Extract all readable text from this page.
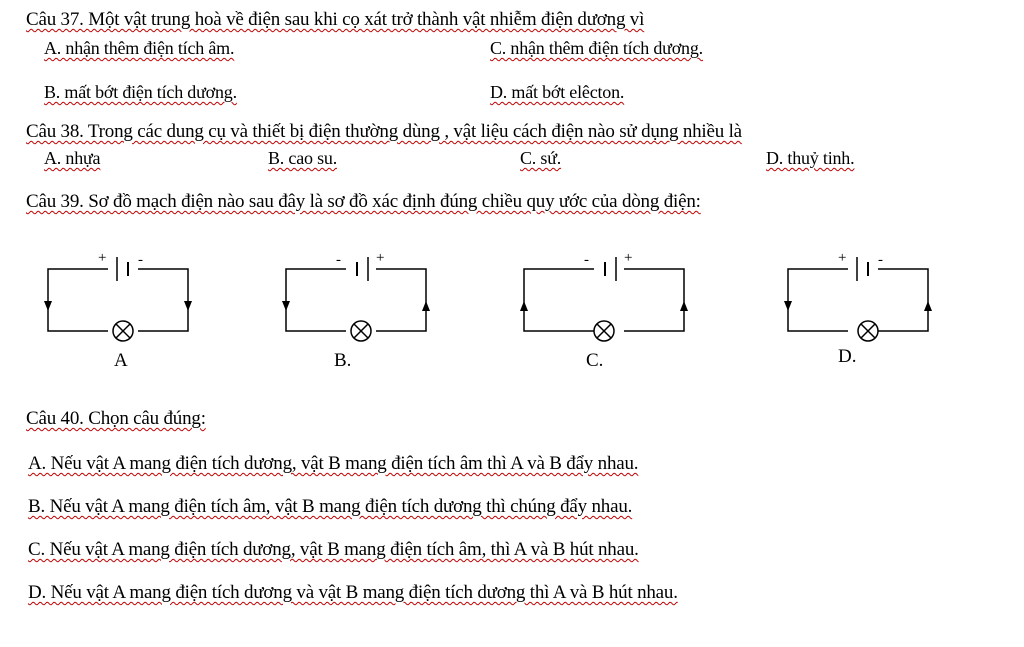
Câu 37. Một vật trung hoà về điện sau khi cọ xát trở thành vật nhiễm điện dương vì
A. nhận thêm điện tích âm.	C. nhận thêm điện tích dương.
B. mất bớt điện tích dương.	D. mất bớt elêcton.
Câu 38. Trong các dung cụ và thiết bị điện thường dùng , vật liệu cách điện nào sử dụng nhiều là
A. nhựa	B. cao su.	C. sứ.	D. thuỷ tinh.
Câu 39. Sơ đồ mạch điện nào sau đây là sơ đồ xác định đúng chiều quy ước của dòng điện:
+ -
A
- +
B.
- +
C.
+ -
D.
Câu 40. Chọn câu đúng:
A. Nếu vật A mang điện tích dương, vật B mang điện tích âm thì A và B đẩy nhau.
B. Nếu vật A mang điện tích âm, vật B mang điện tích dương thì chúng đẩy nhau.
C. Nếu vật A mang điện tích dương, vật B mang điện tích âm, thì A và B hút nhau.
D. Nếu vật A mang điện tích dương và vật B mang điện tích dương thì A và B hút nhau.
